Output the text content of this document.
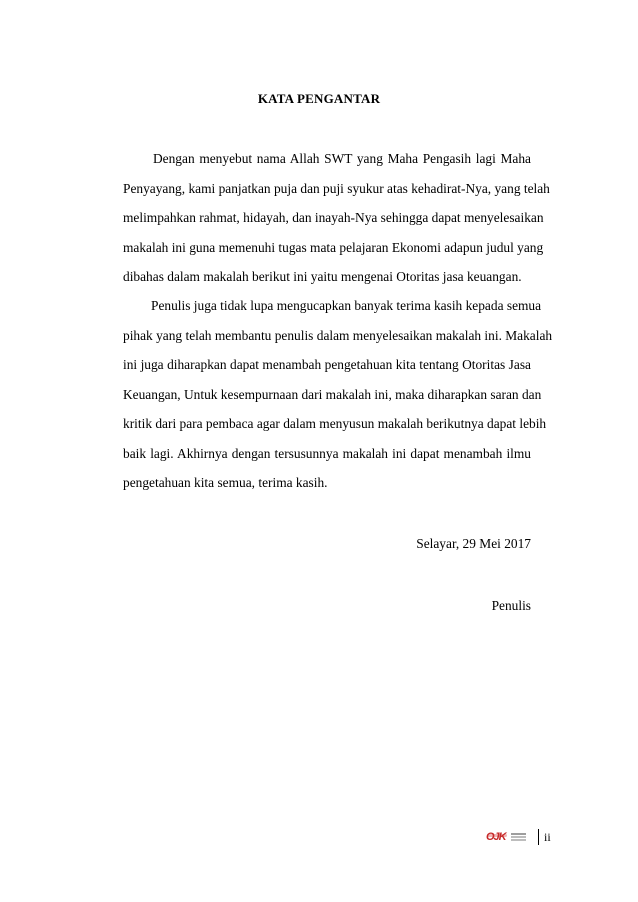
KATA PENGANTAR
Dengan menyebut nama Allah SWT yang Maha Pengasih lagi Maha
Penyayang, kami panjatkan puja dan puji syukur atas kehadirat-Nya, yang telah
melimpahkan rahmat, hidayah, dan inayah-Nya sehingga dapat menyelesaikan
makalah ini guna memenuhi tugas mata pelajaran Ekonomi adapun judul yang
dibahas dalam makalah berikut ini yaitu mengenai Otoritas jasa keuangan.
Penulis juga tidak lupa mengucapkan banyak terima kasih kepada semua
pihak yang telah membantu penulis dalam menyelesaikan makalah ini. Makalah
ini juga diharapkan dapat menambah pengetahuan kita tentang Otoritas Jasa
Keuangan, Untuk kesempurnaan dari makalah ini, maka diharapkan saran dan
kritik dari para pembaca agar dalam menyusun makalah berikutnya dapat lebih
baik lagi. Akhirnya dengan tersusunnya makalah ini dapat menambah ilmu
pengetahuan kita semua, terima kasih.
Selayar, 29 Mei 2017
Penulis
OJK	ii
